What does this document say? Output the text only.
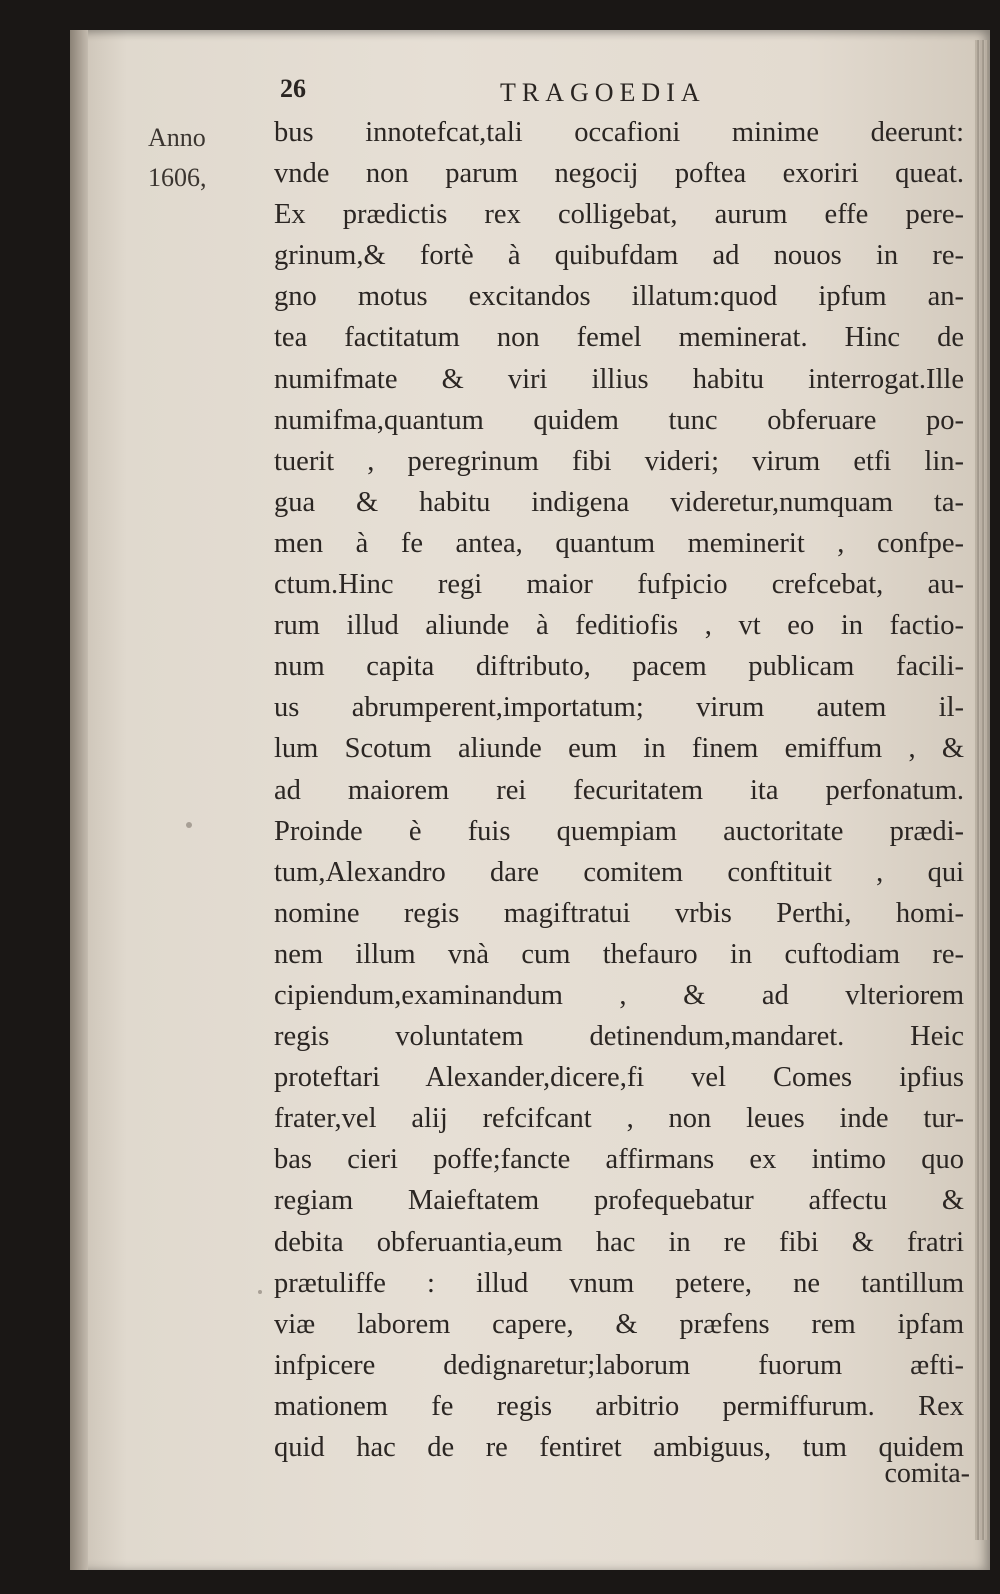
26	TRAGOEDIA
Anno
1606,
bus innotefcat,tali occafioni minime deerunt:
vnde non parum negocij poftea exoriri queat.
Ex prædictis rex colligebat, aurum effe pere-
grinum,& fortè à quibufdam ad nouos in re-
gno motus excitandos illatum:quod ipfum an-
tea factitatum non femel meminerat. Hinc de
numifmate & viri illius habitu interrogat.Ille
numifma,quantum quidem tunc obferuare po-
tuerit , peregrinum fibi videri; virum etfi lin-
gua & habitu indigena videretur,numquam ta-
men à fe antea, quantum meminerit , confpe-
ctum.Hinc regi maior fufpicio crefcebat, au-
rum illud aliunde à feditiofis , vt eo in factio-
num capita diftributo, pacem publicam facili-
us abrumperent,importatum; virum autem il-
lum Scotum aliunde eum in finem emiffum , &
ad maiorem rei fecuritatem ita perfonatum.
Proinde è fuis quempiam auctoritate prædi-
tum,Alexandro dare comitem conftituit , qui
nomine regis magiftratui vrbis Perthi, homi-
nem illum vnà cum thefauro in cuftodiam re-
cipiendum,examinandum , & ad vlteriorem
regis voluntatem detinendum,mandaret. Heic
proteftari Alexander,dicere,fi vel Comes ipfius
frater,vel alij refcifcant , non leues inde tur-
bas cieri poffe;fancte affirmans ex intimo quo
regiam Maieftatem profequebatur affectu &
debita obferuantia,eum hac in re fibi & fratri
prætuliffe : illud vnum petere, ne tantillum
viæ laborem capere, & præfens rem ipfam
infpicere dedignaretur;laborum fuorum æfti-
mationem fe regis arbitrio permiffurum. Rex
quid hac de re fentiret ambiguus, tum quidem
comita-
